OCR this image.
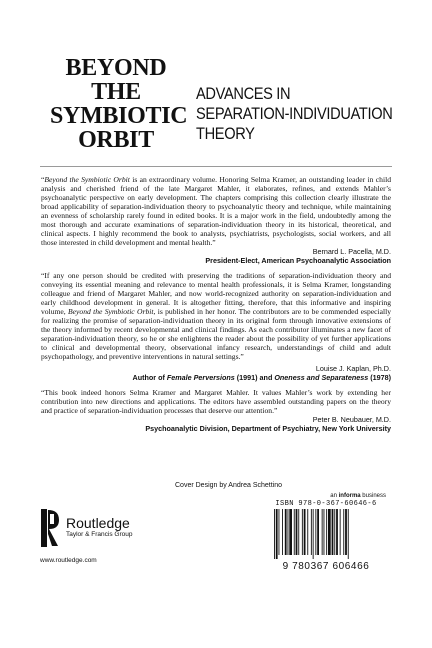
BEYOND
THE
SYMBIOTIC
ORBIT
ADVANCES IN
SEPARATION-INDIVIDUATION
THEORY

“Beyond the Symbiotic Orbit is an extraordinary volume. Honoring Selma Kramer, an outstanding leader in child analysis and cherished friend of the late Margaret Mahler, it elaborates, refines, and extends Mahler’s psychoanalytic perspective on early development. The chapters comprising this collection clearly illustrate the broad applicability of separation-individuation theory to psychoanalytic theory and technique, while maintaining an evenness of scholarship rarely found in edited books. It is a major work in the field, undoubtedly among the most thorough and accurate examinations of separation-individuation theory in its historical, theoretical, and clinical aspects. I highly recommend the book to analysts, psychiatrists, psychologists, social workers, and all those interested in child development and mental health.”

Bernard L. Pacella, M.D.
President-Elect, American Psychoanalytic Association

“If any one person should be credited with preserving the traditions of separation-individuation theory and conveying its essential meaning and relevance to mental health professionals, it is Selma Kramer, longstanding colleague and friend of Margaret Mahler, and now world-recognized authority on separation-individuation and early childhood development in general. It is altogether fitting, therefore, that this informative and inspiring volume, Beyond the Symbiotic Orbit, is published in her honor. The contributors are to be commended especially for realizing the promise of separation-individuation theory in its original form through innovative extensions of the theory informed by recent developmental and clinical findings. As each contributor illuminates a new facet of separation-individuation theory, so he or she enlightens the reader about the possibility of yet further applications to clinical and developmental theory, observational infancy research, understandings of child and adult psychopathology, and preventive interventions in natural settings.”

Louise J. Kaplan, Ph.D.
Author of Female Perversions (1991) and Oneness and Separateness (1978)

“This book indeed honors Selma Kramer and Margaret Mahler. It values Mahler’s work by extending her contribution into new directions and applications. The editors have assembled outstanding papers on the theory and practice of separation-individuation processes that deserve our attention.”

Peter B. Neubauer, M.D.
Psychoanalytic Division, Department of Psychiatry, New York University
Cover Design by Andrea Schettino
Routledge
Taylor & Francis Group
www.routledge.com
an informa business
ISBN 978-0-367-60646-6
9 780367 606466
